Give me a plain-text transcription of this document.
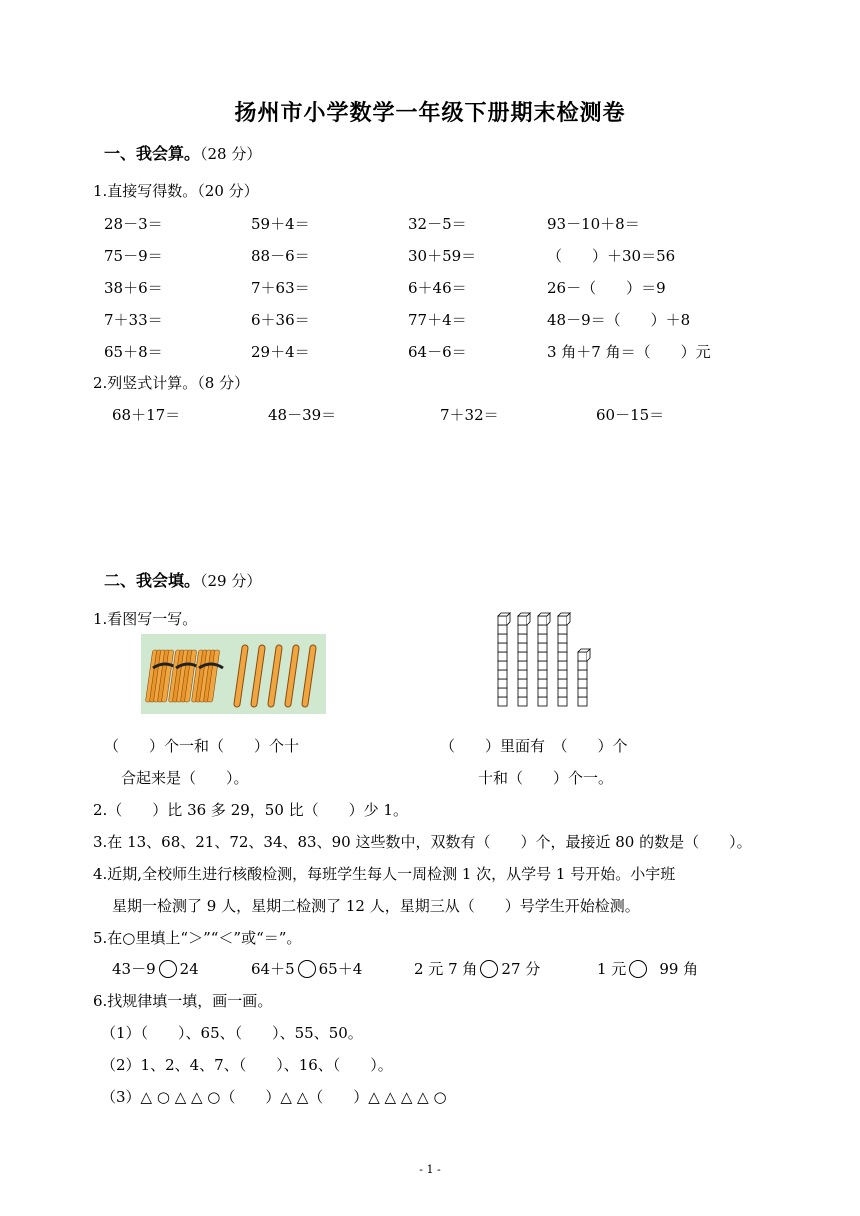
扬州市小学数学一年级下册期末检测卷
一、我会算。（28 分）
1.直接写得数。（20 分）
28－3＝	59＋4＝	32－5＝	93－10＋8＝
75－9＝	88－6＝	30＋59＝	（　　）＋30＝56
38＋6＝	7＋63＝	6＋46＝	26－（　　）＝9
7＋33＝	6＋36＝	77＋4＝	48－9＝（　　）＋8
65＋8＝	29＋4＝	64－6＝	3 角＋7 角＝（　　）元
2.列竖式计算。（8 分）
68＋17＝	48－39＝	7＋32＝	60－15＝
二、我会填。（29 分）
1.看图写一写。
（　　）个一和（　　）个十
合起来是（　　）。
（　　）里面有　（　　）个
十和（　　）个一。
2.（　　）比 36 多 29，50 比（　　）少 1。
3.在 13、68、21、72、34、83、90 这些数中，双数有（　　）个，最接近 80 的数是（　　）。
4.近期,全校师生进行核酸检测，每班学生每人一周检测 1 次，从学号 1 号开始。小宇班
星期一检测了 9 人，星期二检测了 12 人，星期三从（　　）号学生开始检测。
5.在○里填上“＞”“＜”或“＝”。
43－9 24	64＋5 65＋4	2 元 7 角 27 分	1 元 99 角
6.找规律填一填，画一画。
（1）（　　）、65、（　　）、55、50。
（2）1、2、4、7、（　　）、16、（　　）。
（3）△ ○ △ △ ○（　　）△ △（　　）△ △ △ △ ○
- 1 -
